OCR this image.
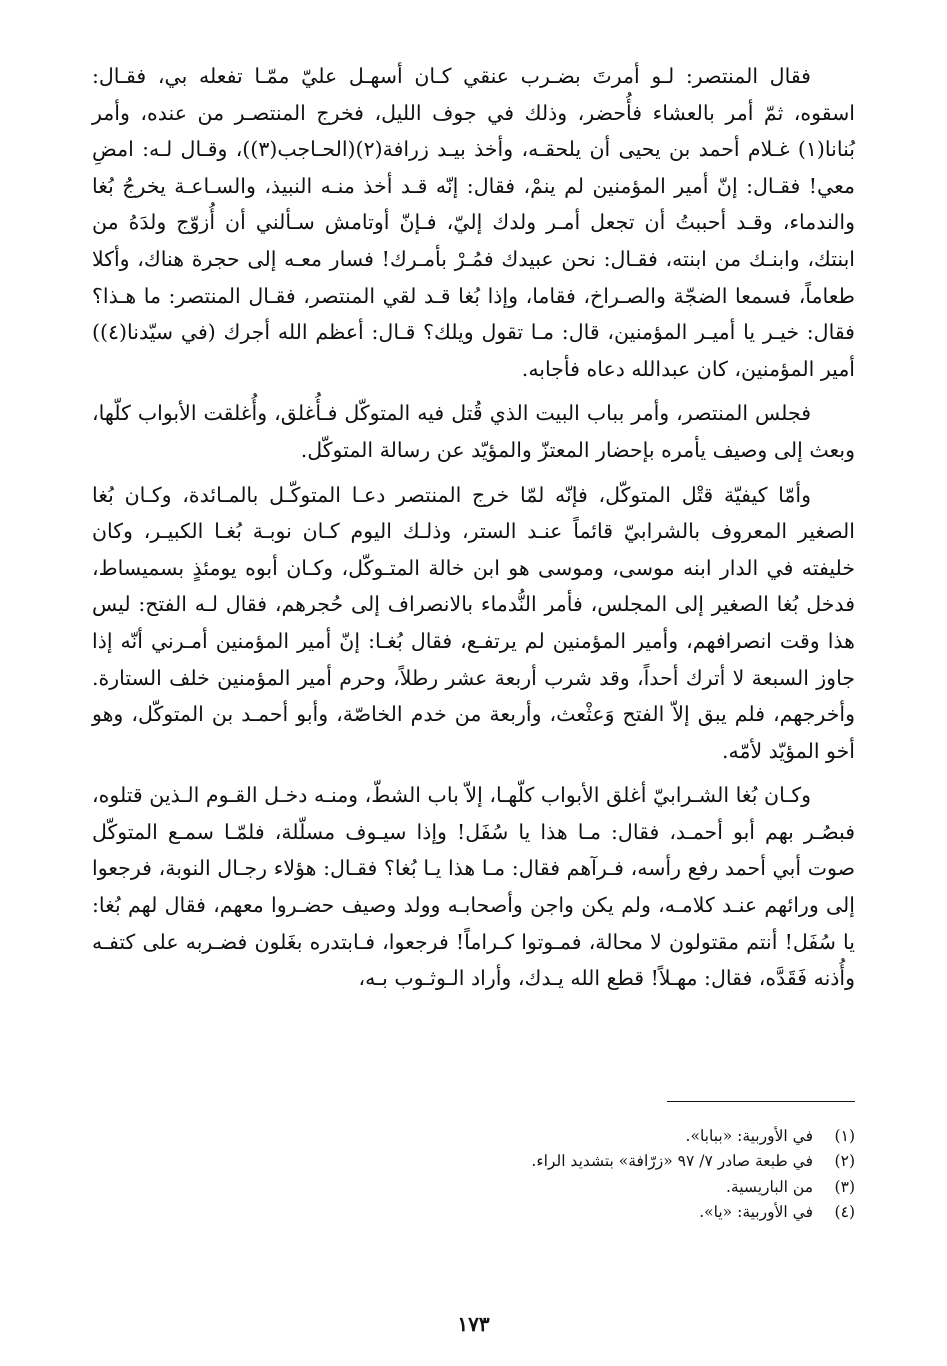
فقال المنتصر: لـو أمرتَ بضـرب عنقي كـان أسهـل عليّ ممّـا تفعله بي، فقـال: اسقوه، ثمّ أمر بالعشاء فأُحضر، وذلك في جوف الليل، فخرج المنتصـر من عنده، وأمر بُنانا(١) غـلام أحمد بن يحيى أن يلحقـه، وأخذ بيـد زرافة(٢)(الحـاجب(٣))، وقـال لـه: امضِ معي! فقـال: إنّ أمير المؤمنين لم ينمْ، فقال: إنّه قـد أخذ منـه النبيذ، والسـاعـة يخرجُ بُغا والندماء، وقـد أحببتُ أن تجعل أمـر ولدك إليّ، فـإنّ أوتامش سـألني أن أُزوّج ولدَهُ من ابنتك، وابنـك من ابنته، فقـال: نحن عبيدك فمُـرْ بأمـرك! فسار معـه إلى حجرة هناك، وأكلا طعاماً، فسمعا الضجّة والصـراخ، فقاما، وإذا بُغا قـد لقي المنتصر، فقـال المنتصر: ما هـذا؟ فقال: خيـر يا أميـر المؤمنين، قال: مـا تقول ويلك؟ قـال: أعظم الله أجرك (في سيّدنا(٤)) أمير المؤمنين، كان عبدالله دعاه فأجابه.

فجلس المنتصر، وأمر بباب البيت الذي قُتل فيه المتوكّل فـأُغلق، وأُغلقت الأبواب كلّها، وبعث إلى وصيف يأمره بإحضار المعتزّ والمؤيّد عن رسالة المتوكّل.

وأمّا كيفيّة قتْل المتوكّل، فإنّه لمّا خرج المنتصر دعـا المتوكّـل بالمـائدة، وكـان بُغا الصغير المعروف بالشرابيّ قائماً عنـد الستر، وذلـك اليوم كـان نوبـة بُغـا الكبيـر، وكان خليفته في الدار ابنه موسى، وموسى هو ابن خالة المتـوكّل، وكـان أبوه يومئذٍ بسميساط، فدخل بُغا الصغير إلى المجلس، فأمر النُّدماء بالانصراف إلى حُجرهم، فقال لـه الفتح: ليس هذا وقت انصرافهم، وأمير المؤمنين لم يرتفـع، فقال بُغـا: إنّ أمير المؤمنين أمـرني أنّه إذا جاوز السبعة لا أترك أحداً، وقد شرب أربعة عشر رطلاً، وحرم أمير المؤمنين خلف الستارة. وأخرجهم، فلم يبق إلاّ الفتح وَعثْعث، وأربعة من خدم الخاصّة، وأبو أحمـد بن المتوكّل، وهو أخو المؤيّد لأمّه.

وكـان بُغا الشـرابيّ أغلق الأبواب كلّهـا، إلاّ باب الشطّ، ومنـه دخـل القـوم الـذين قتلوه، فبصُـر بهم أبو أحمـد، فقال: مـا هذا يا سُفَل! وإذا سيـوف مسلّلة، فلمّـا سمـع المتوكّل صوت أبي أحمد رفع رأسه، فـرآهم فقال: مـا هذا يـا بُغا؟ فقـال: هؤلاء رجـال النوبة، فرجعوا إلى ورائهم عنـد كلامـه، ولم يكن واجن وأصحابـه وولد وصيف حضـروا معهم، فقال لهم بُغا: يا سُفَل! أنتم مقتولون لا محالة، فمـوتوا كـراماً! فرجعوا، فـابتدره بغَلون فضـربه على كتفـه وأُذنه فَقَدَّه، فقال: مهـلاً! قطع الله يـدك، وأراد الـوثـوب بـه،

(١)
في الأوربية: «ببابا».
(٢)
في طبعة صادر ٧/ ٩٧ «زرّافة» بتشديد الراء.
(٣)
من الباريسية.
(٤)
في الأوربية: «يا».
١٧٣
